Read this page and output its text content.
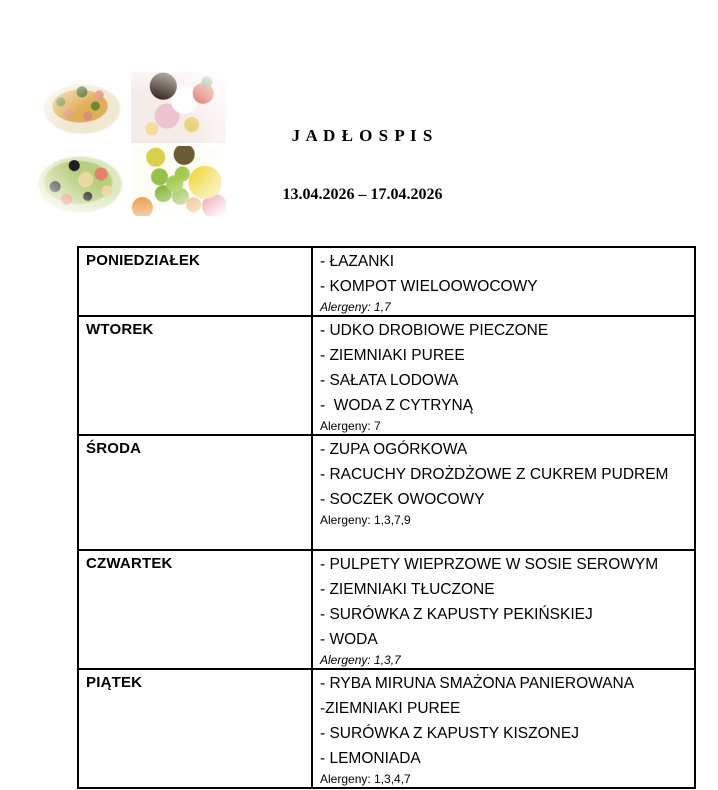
J A D Ł O S P I S
13.04.2026 – 17.04.2026
PONIEDZIAŁEK	- ŁAZANKI
- KOMPOT WIELOOWOCOWY
Alergeny: 1,7

WTOREK	- UDKO DROBIOWE PIECZONE
- ZIEMNIAKI PUREE
- SAŁATA LODOWA
-  WODA Z CYTRYNĄ
Alergeny: 7

ŚRODA	- ZUPA OGÓRKOWA
- RACUCHY DROŻDŻOWE Z CUKREM PUDREM
- SOCZEK OWOCOWY
Alergeny: 1,3,7,9

CZWARTEK	- PULPETY WIEPRZOWE W SOSIE SEROWYM
- ZIEMNIAKI TŁUCZONE
- SURÓWKA Z KAPUSTY PEKIŃSKIEJ
- WODA
Alergeny: 1,3,7

PIĄTEK	- RYBA MIRUNA SMAŻONA PANIEROWANA
-ZIEMNIAKI PUREE
- SURÓWKA Z KAPUSTY KISZONEJ
- LEMONIADA
Alergeny: 1,3,4,7
